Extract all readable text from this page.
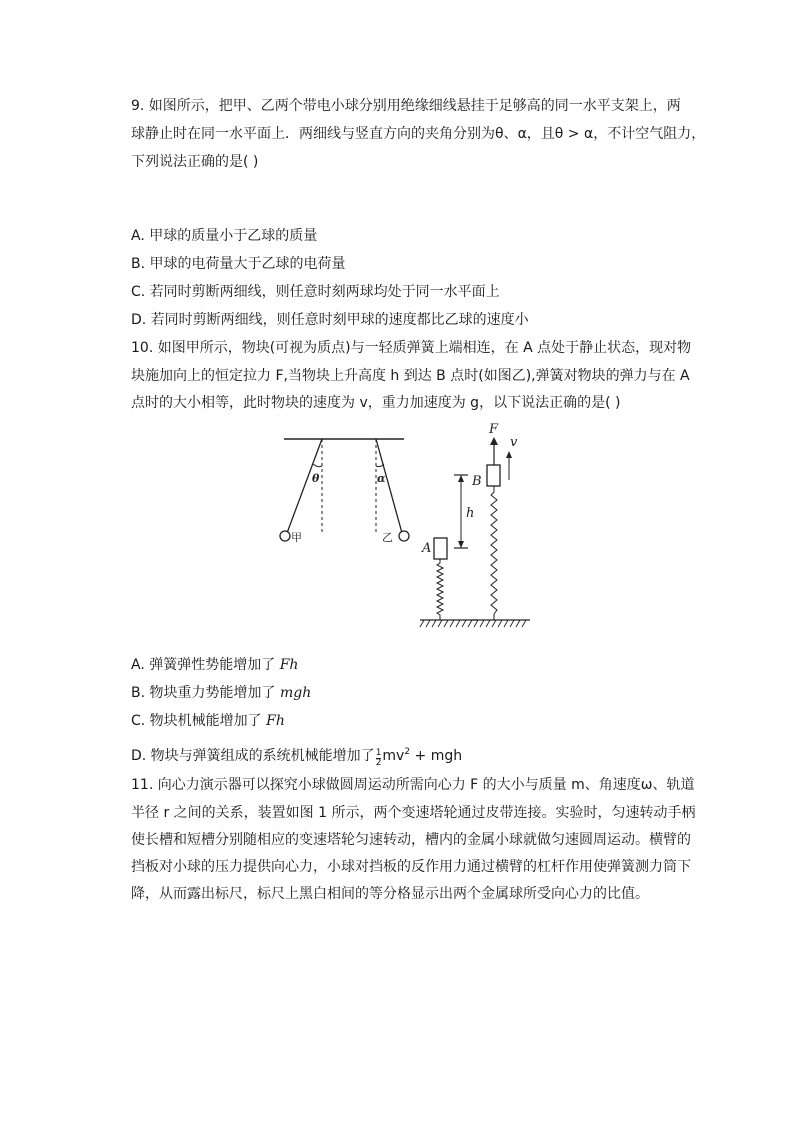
9. 如图所示，把甲、乙两个带电小球分别用绝缘细线悬挂于足够高的同一水平支架上，两
球静止时在同一水平面上．两细线与竖直方向的夹角分别为θ、α，且θ > α，不计空气阻力，
下列说法正确的是( )
A. 甲球的质量小于乙球的质量
B. 甲球的电荷量大于乙球的电荷量
C. 若同时剪断两细线，则任意时刻两球均处于同一水平面上
D. 若同时剪断两细线，则任意时刻甲球的速度都比乙球的速度小
10. 如图甲所示，物块(可视为质点)与一轻质弹簧上端相连，在 A 点处于静止状态，现对物
块施加向上的恒定拉力 F,当物块上升高度 h 到达 B 点时(如图乙),弹簧对物块的弹力与在 A
点时的大小相等，此时物块的速度为 v，重力加速度为 g，以下说法正确的是( )
θ	α
甲	乙
A
h
B
F
v
A. 弹簧弹性势能增加了 Fh
B. 物块重力势能增加了 mgh
C. 物块机械能增加了 Fh
D. 物块与弹簧组成的系统机械能增加了 $\frac{1}{2} mv^2$ + mgh
11. 向心力演示器可以探究小球做圆周运动所需向心力 F 的大小与质量 m、角速度ω、轨道
半径 r 之间的关系，装置如图 1 所示，两个变速塔轮通过皮带连接。实验时，匀速转动手柄
使长槽和短槽分别随相应的变速塔轮匀速转动，槽内的金属小球就做匀速圆周运动。横臂的
挡板对小球的压力提供向心力，小球对挡板的反作用力通过横臂的杠杆作用使弹簧测力筒下
降，从而露出标尺，标尺上黑白相间的等分格显示出两个金属球所受向心力的比值。
